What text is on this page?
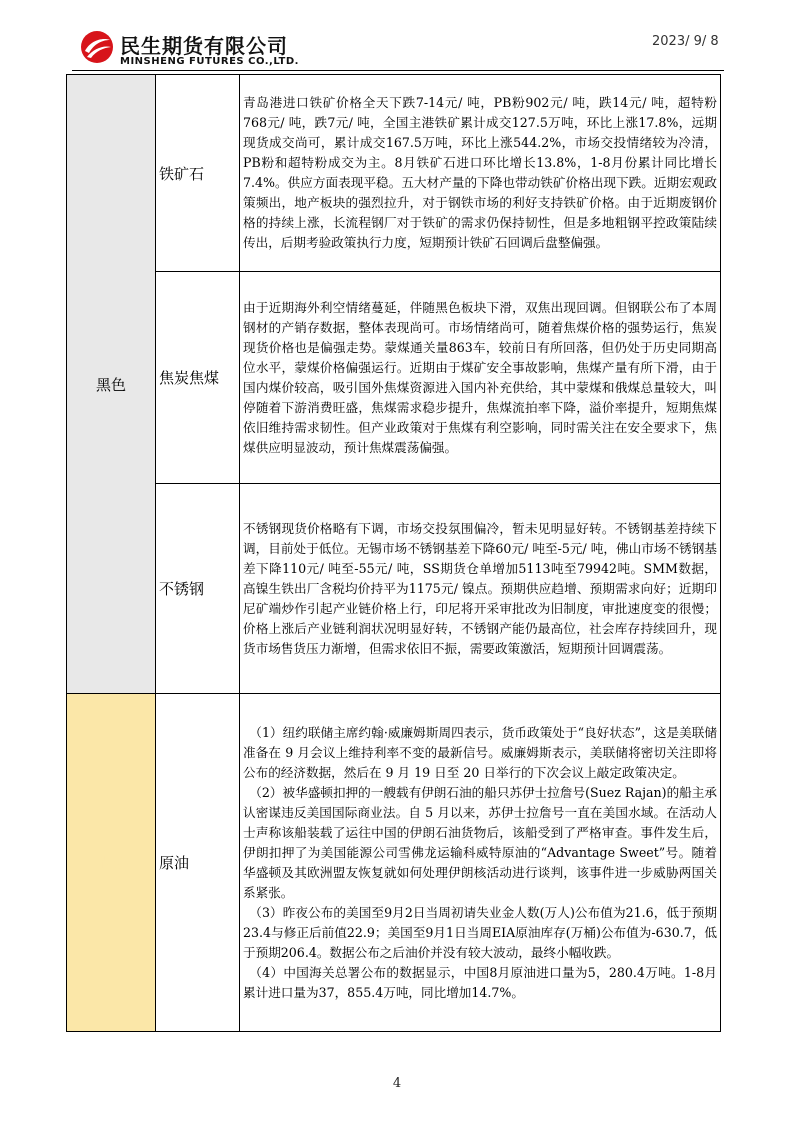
民生期货有限公司
MINSHENG FUTURES CO.,LTD.
2023/ 9/ 8
黑色	铁矿石	青岛港进口铁矿价格全天下跌7-14元/ 吨，PB粉902元/ 吨，跌14元/ 吨，超特粉768元/ 吨，跌7元/ 吨，全国主港铁矿累计成交127.5万吨，环比上涨17.8%，远期现货成交尚可，累计成交167.5万吨，环比上涨544.2%，市场交投情绪较为冷清，PB粉和超特粉成交为主。8月铁矿石进口环比增长13.8%，1-8月份累计同比增长7.4%。供应方面表现平稳。五大材产量的下降也带动铁矿价格出现下跌。近期宏观政策频出，地产板块的强烈拉升，对于钢铁市场的利好支持铁矿价格。由于近期废钢价格的持续上涨，长流程钢厂对于铁矿的需求仍保持韧性，但是多地粗钢平控政策陆续传出，后期考验政策执行力度，短期预计铁矿石回调后盘整偏强。

	焦炭焦煤	由于近期海外利空情绪蔓延，伴随黑色板块下滑，双焦出现回调。但钢联公布了本周钢材的产销存数据，整体表现尚可。市场情绪尚可，随着焦煤价格的强势运行，焦炭现货价格也是偏强走势。蒙煤通关量863车，较前日有所回落，但仍处于历史同期高位水平，蒙煤价格偏强运行。近期由于煤矿安全事故影响，焦煤产量有所下滑，由于国内煤价较高，吸引国外焦煤资源进入国内补充供给，其中蒙煤和俄煤总量较大，叫停随着下游消费旺盛，焦煤需求稳步提升，焦煤流拍率下降，溢价率提升，短期焦煤依旧维持需求韧性。但产业政策对于焦煤有利空影响，同时需关注在安全要求下，焦煤供应明显波动，预计焦煤震荡偏强。

	不锈钢	不锈钢现货价格略有下调，市场交投氛围偏冷，暂未见明显好转。不锈钢基差持续下调，目前处于低位。无锡市场不锈钢基差下降60元/ 吨至-5元/ 吨，佛山市场不锈钢基差下降110元/ 吨至-55元/ 吨，SS期货仓单增加5113吨至79942吨。SMM数据，高镍生铁出厂含税均价持平为1175元/ 镍点。预期供应趋增、预期需求向好；近期印尼矿端炒作引起产业链价格上行，印尼将开采审批改为旧制度，审批速度变的很慢；价格上涨后产业链利润状况明显好转，不锈钢产能仍最高位，社会库存持续回升，现货市场售货压力渐增，但需求依旧不振，需要政策激活，短期预计回调震荡。

能源	原油	（1）纽约联储主席约翰·威廉姆斯周四表示，货币政策处于“良好状态”，这是美联储准备在 9 月会议上维持利率不变的最新信号。威廉姆斯表示，美联储将密切关注即将公布的经济数据，然后在 9 月 19 日至 20 日举行的下次会议上敲定政策决定。

（2）被华盛顿扣押的一艘载有伊朗石油的船只苏伊士拉詹号(Suez Rajan)的船主承认密谋违反美国国际商业法。自 5 月以来，苏伊士拉詹号一直在美国水域。在活动人士声称该船装载了运往中国的伊朗石油货物后，该船受到了严格审查。事件发生后，伊朗扣押了为美国能源公司雪佛龙运输科威特原油的“Advantage Sweet”号。随着华盛顿及其欧洲盟友恢复就如何处理伊朗核活动进行谈判，该事件进一步威胁两国关系紧张。

（3）昨夜公布的美国至9月2日当周初请失业金人数(万人)公布值为21.6，低于预期23.4与修正后前值22.9；美国至9月1日当周EIA原油库存(万桶)公布值为-630.7，低于预期206.4。数据公布之后油价并没有较大波动，最终小幅收跌。

（4）中国海关总署公布的数据显示，中国8月原油进口量为5，280.4万吨。1-8月累计进口量为37，855.4万吨，同比增加14.7%。

4
